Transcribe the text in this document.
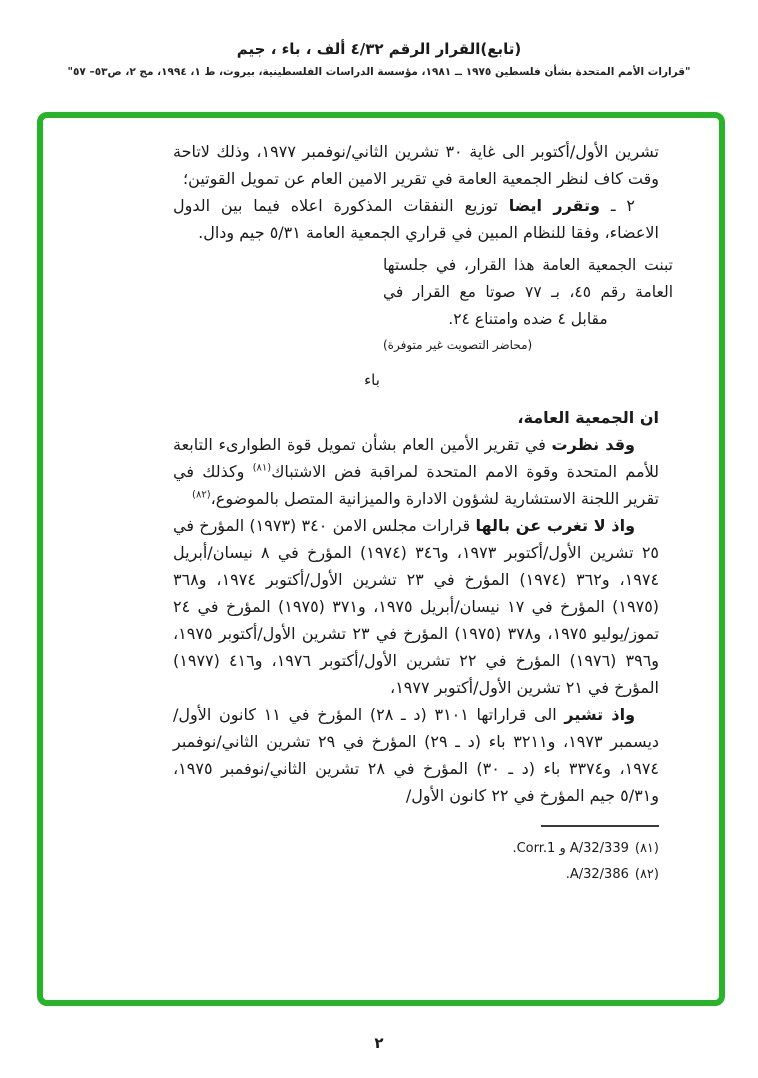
(تابع)القرار الرقم ٤/٣٢ ألف ، باء ، جيم
"قرارات الأمم المتحدة بشأن فلسطين ١٩٧٥ ــ ١٩٨١، مؤسسة الدراسات الفلسطينية، بيروت، ط ١، ١٩٩٤، مج ٢، ص٥٣– ٥٧"

تشرين الأول/أكتوبر الى غاية ٣٠ تشرين الثاني/نوفمبر ١٩٧٧، وذلك لاتاحة وقت كاف لنظر الجمعية العامة في تقرير الامين العام عن تمويل القوتين؛

٢ ـ وتقرر ايضا توزيع النفقات المذكورة اعلاه فيما بين الدول الاعضاء، وفقا للنظام المبين في قراري الجمعية العامة ٥/٣١ جيم ودال.

تبنت الجمعية العامة هذا القرار، في جلستها العامة رقم ٤٥، بـ ٧٧ صوتا مع القرار في مقابل ٤ ضده وامتناع ٢٤.
(محاضر التصويت غير متوفرة)
باء

ان الجمعية العامة،

وقد نظرت في تقرير الأمين العام بشأن تمويل قوة الطوارىء التابعة للأمم المتحدة وقوة الامم المتحدة لمراقبة فض الاشتباك$^{(٨١)}$ وكذلك في تقرير اللجنة الاستشارية لشؤون الادارة والميزانية المتصل بالموضوع،$^{(٨٢)}$

واذ لا تغرب عن بالها قرارات مجلس الامن ٣٤٠ (١٩٧٣) المؤرخ في ٢٥ تشرين الأول/أكتوبر ١٩٧٣، و٣٤٦ (١٩٧٤) المؤرخ في ٨ نيسان/أبريل ١٩٧٤، و٣٦٢ (١٩٧٤) المؤرخ في ٢٣ تشرين الأول/أكتوبر ١٩٧٤، و٣٦٨ (١٩٧٥) المؤرخ في ١٧ نيسان/أبريل ١٩٧٥، و٣٧١ (١٩٧٥) المؤرخ في ٢٤ تموز/يوليو ١٩٧٥، و٣٧٨ (١٩٧٥) المؤرخ في ٢٣ تشرين الأول/أكتوبر ١٩٧٥، و٣٩٦ (١٩٧٦) المؤرخ في ٢٢ تشرين الأول/أكتوبر ١٩٧٦، و٤١٦ (١٩٧٧) المؤرخ في ٢١ تشرين الأول/أكتوبر ١٩٧٧،

واذ تشير الى قراراتها ٣١٠١ (د ـ ٢٨) المؤرخ في ١١ كانون الأول/ديسمبر ١٩٧٣، و٣٢١١ باء (د ـ ٢٩) المؤرخ في ٢٩ تشرين الثاني/نوفمبر ١٩٧٤، و٣٣٧٤ باء (د ـ ٣٠) المؤرخ في ٢٨ تشرين الثاني/نوفمبر ١٩٧٥، و٥/٣١ جيم المؤرخ في ٢٢ كانون الأول/

(٨١)‪A/32/339‬ و ‪Corr.1‬.
(٨٢)‪A/32/386‬.
٢
